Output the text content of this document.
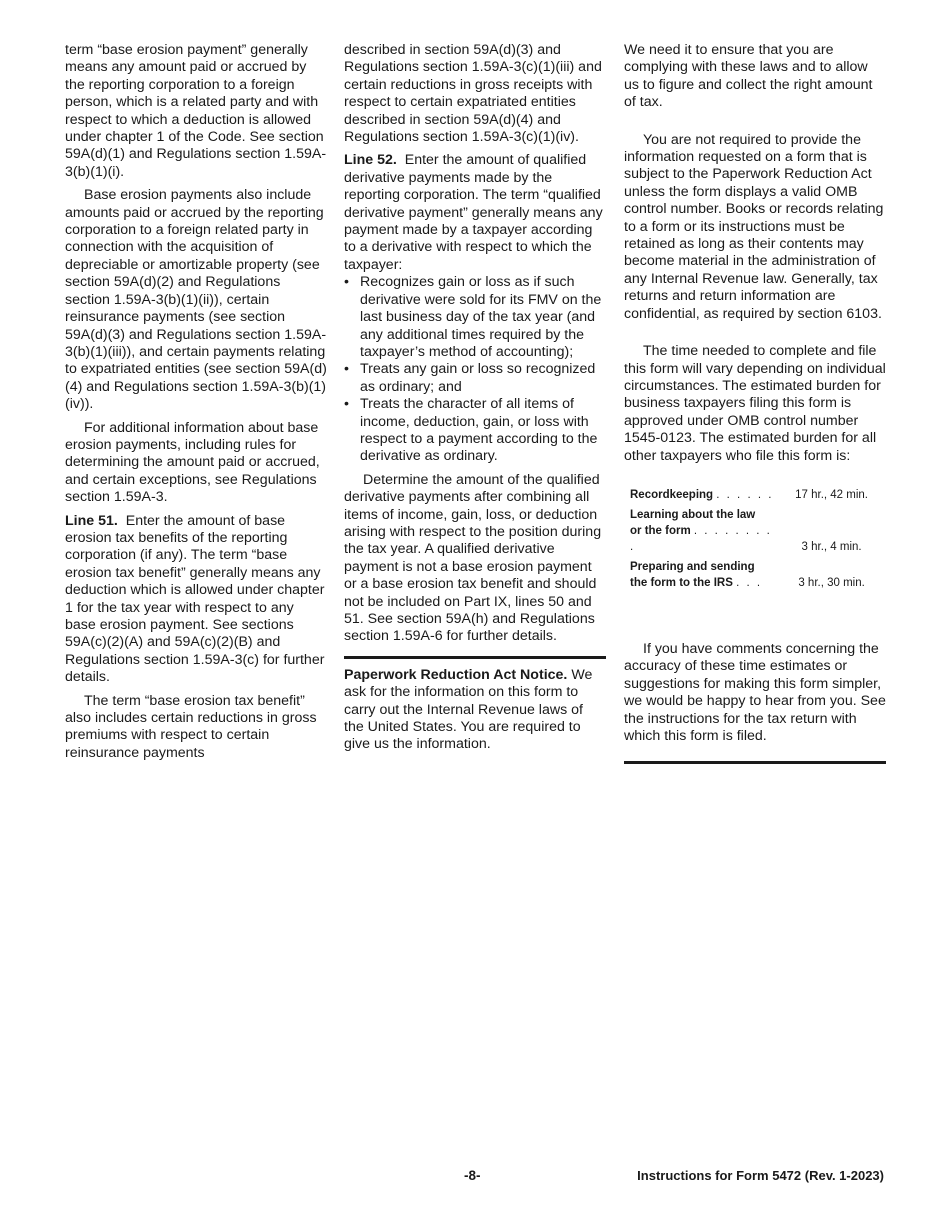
term “base erosion payment” generally means any amount paid or accrued by the reporting corporation to a foreign person, which is a related party and with respect to which a deduction is allowed under chapter 1 of the Code. See section 59A(d)(1) and Regulations section 1.59A-3(b)(1)(i).

Base erosion payments also include amounts paid or accrued by the reporting corporation to a foreign related party in connection with the acquisition of depreciable or amortizable property (see section 59A(d)(2) and Regulations section 1.59A-3(b)(1)(ii)), certain reinsurance payments (see section 59A(d)(3) and Regulations section 1.59A-3(b)(1)(iii)), and certain payments relating to expatriated entities (see section 59A(d)(4) and Regulations section 1.59A-3(b)(1)(iv)).

For additional information about base erosion payments, including rules for determining the amount paid or accrued, and certain exceptions, see Regulations section 1.59A-3.

Line 51. Enter the amount of base erosion tax benefits of the reporting corporation (if any). The term “base erosion tax benefit” generally means any deduction which is allowed under chapter 1 for the tax year with respect to any base erosion payment. See sections 59A(c)(2)(A) and 59A(c)(2)(B) and Regulations section 1.59A-3(c) for further details.

The term “base erosion tax benefit” also includes certain reductions in gross premiums with respect to certain reinsurance payments

described in section 59A(d)(3) and Regulations section 1.59A-3(c)(1)(iii) and certain reductions in gross receipts with respect to certain expatriated entities described in section 59A(d)(4) and Regulations section 1.59A-3(c)(1)(iv).

Line 52. Enter the amount of qualified derivative payments made by the reporting corporation. The term “qualified derivative payment” generally means any payment made by a taxpayer according to a derivative with respect to which the taxpayer:

• Recognizes gain or loss as if such derivative were sold for its FMV on the last business day of the tax year (and any additional times required by the taxpayer’s method of accounting);
• Treats any gain or loss so recognized as ordinary; and
• Treats the character of all items of income, deduction, gain, or loss with respect to a payment according to the derivative as ordinary.

Determine the amount of the qualified derivative payments after combining all items of income, gain, loss, or deduction arising with respect to the position during the tax year. A qualified derivative payment is not a base erosion payment or a base erosion tax benefit and should not be included on Part IX, lines 50 and 51. See section 59A(h) and Regulations section 1.59A-6 for further details.

Paperwork Reduction Act Notice. We ask for the information on this form to carry out the Internal Revenue laws of the United States. You are required to give us the information.

We need it to ensure that you are complying with these laws and to allow us to figure and collect the right amount of tax.

You are not required to provide the information requested on a form that is subject to the Paperwork Reduction Act unless the form displays a valid OMB control number. Books or records relating to a form or its instructions must be retained as long as their contents may become material in the administration of any Internal Revenue law. Generally, tax returns and return information are confidential, as required by section 6103.

The time needed to complete and file this form will vary depending on individual circumstances. The estimated burden for business taxpayers filing this form is approved under OMB control number 1545-0123. The estimated burden for all other taxpayers who file this form is:

Recordkeeping . . . . . .	17 hr., 42 min.
Learning about the law
or the form . . . . . . . . .	3 hr., 4 min.
Preparing and sending
the form to the IRS . . .	3 hr., 30 min.

If you have comments concerning the accuracy of these time estimates or suggestions for making this form simpler, we would be happy to hear from you. See the instructions for the tax return with which this form is filed.

-8-	Instructions for Form 5472 (Rev. 1-2023)
